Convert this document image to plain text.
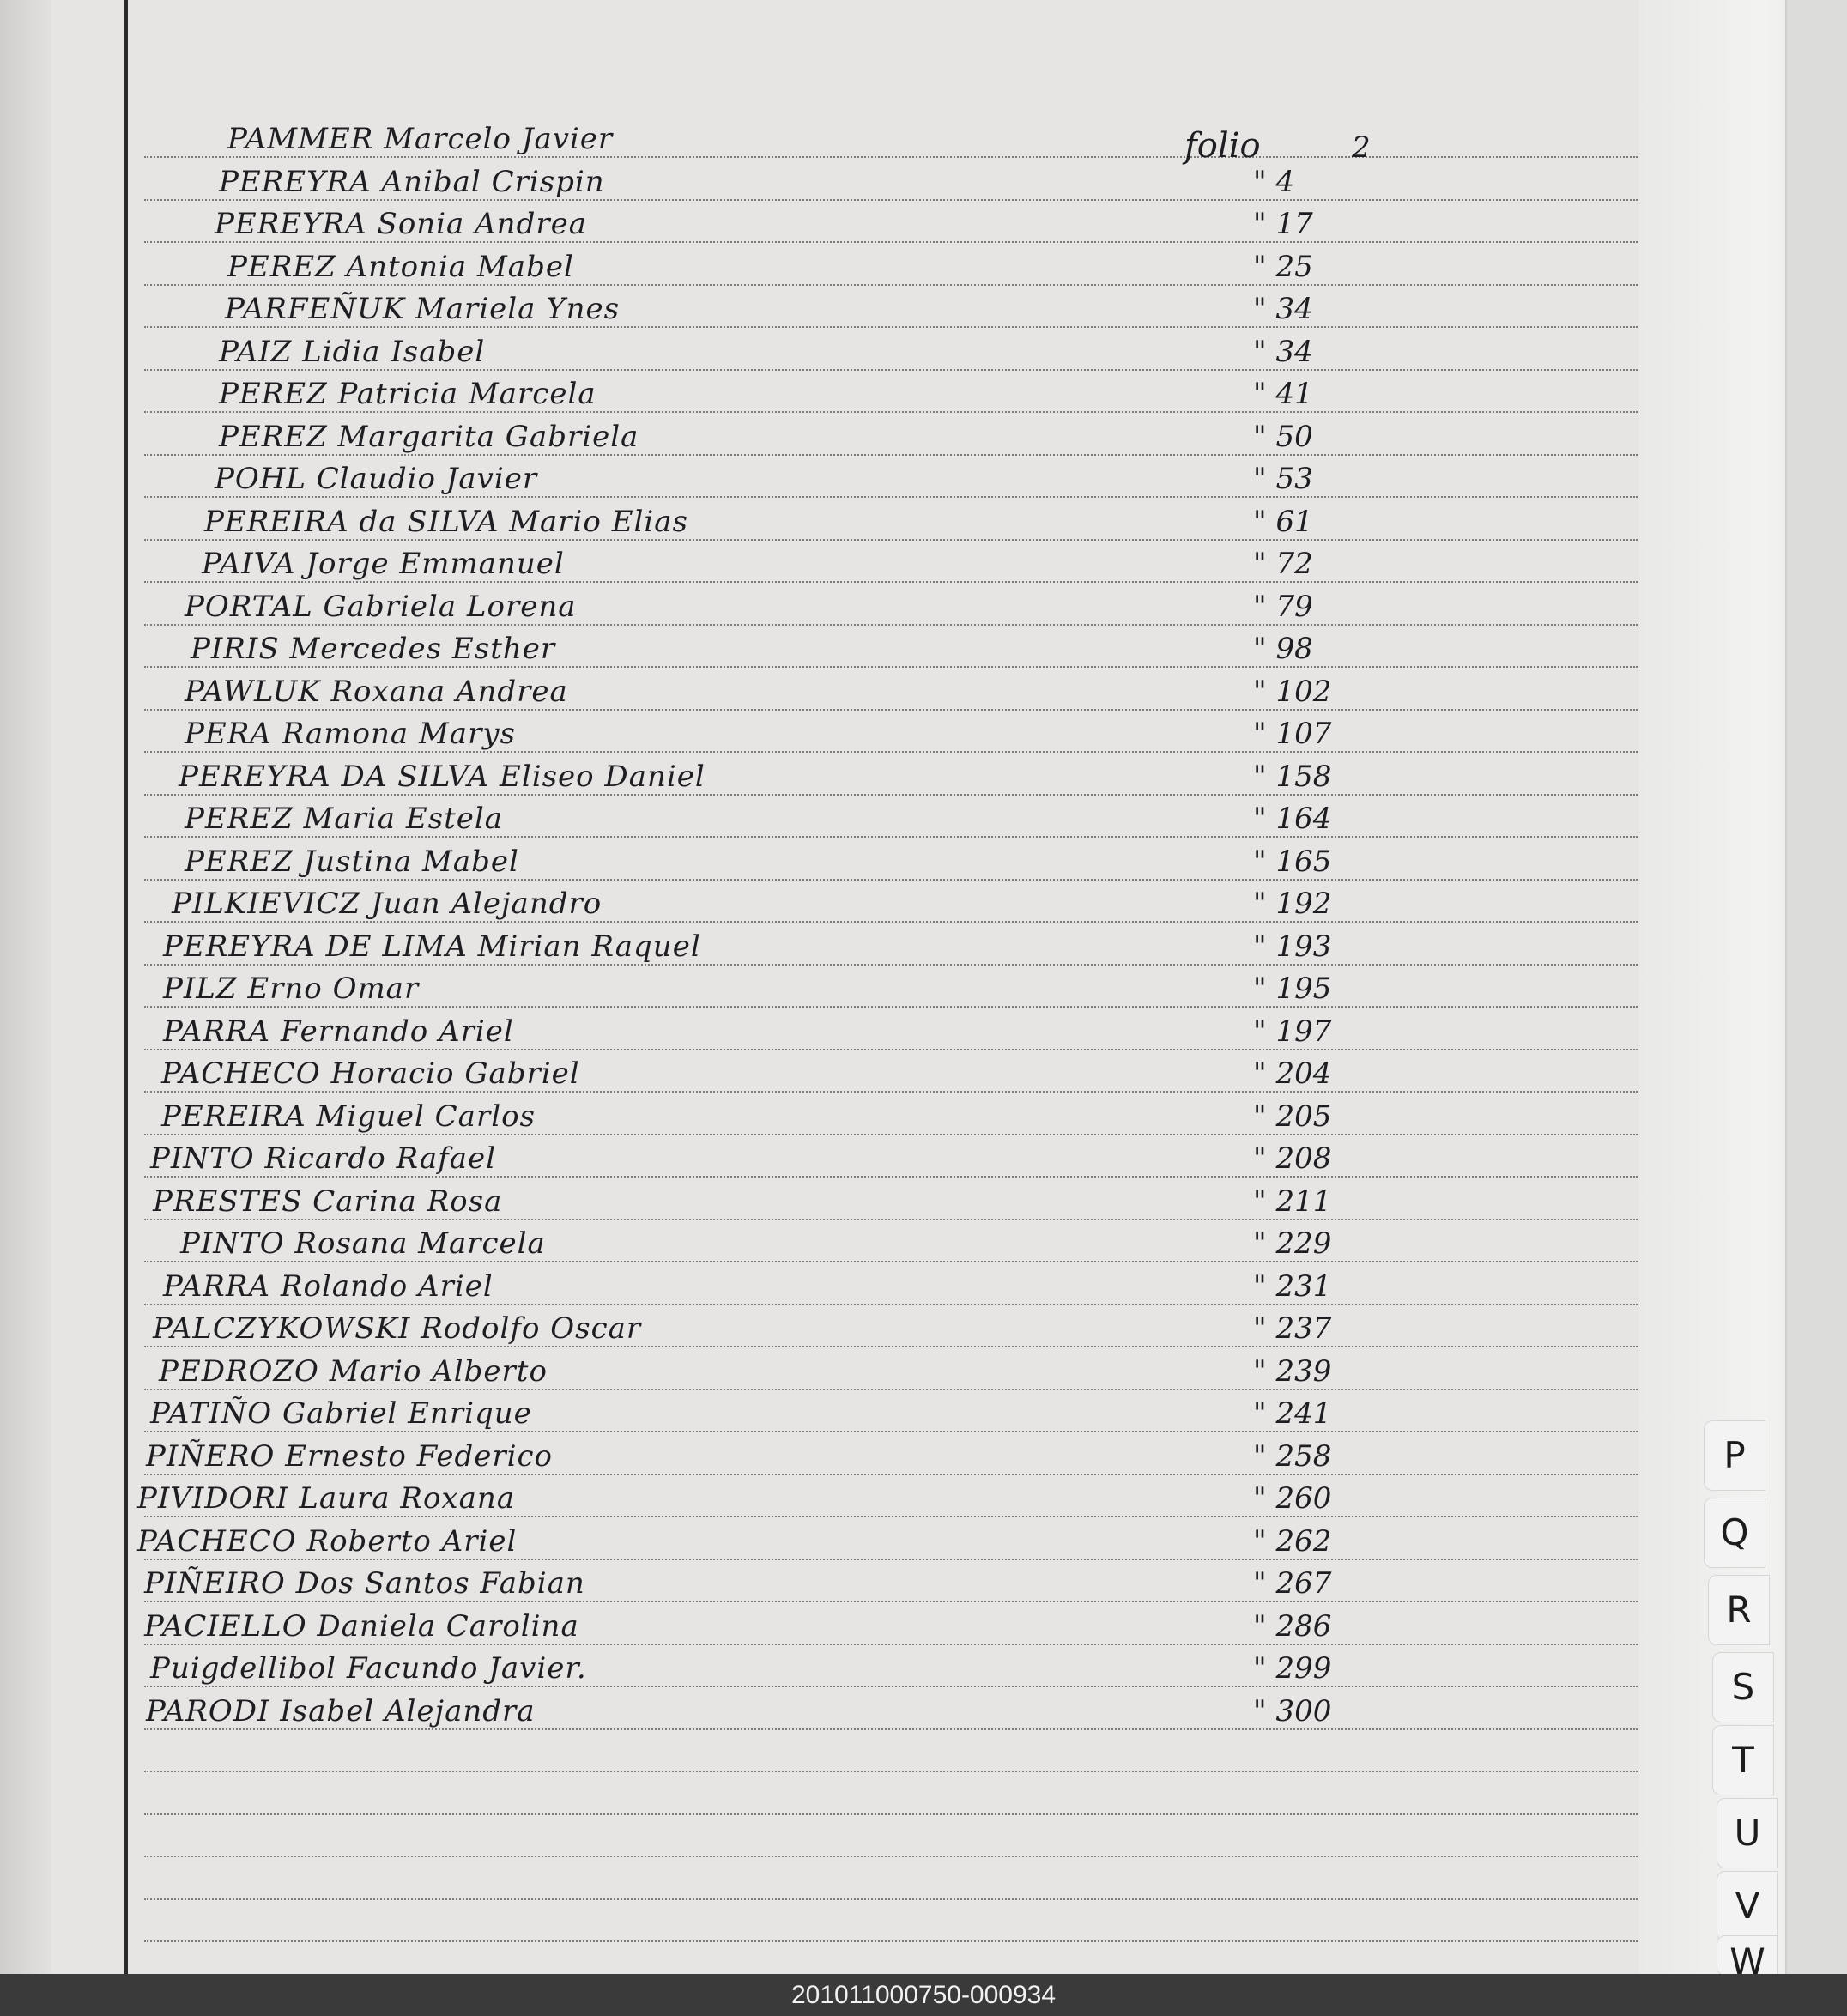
PAMMER Marcelo Javier
PEREYRA Anibal Crispin	" 4
PEREYRA Sonia Andrea	" 17
PEREZ Antonia Mabel	" 25
PARFEÑUK Mariela Ynes	" 34
PAIZ Lidia Isabel	" 34
PEREZ Patricia Marcela	" 41
PEREZ Margarita Gabriela	" 50
POHL Claudio Javier	" 53
PEREIRA da SILVA Mario Elias	" 61
PAIVA Jorge Emmanuel	" 72
PORTAL Gabriela Lorena	" 79
PIRIS Mercedes Esther	" 98
PAWLUK Roxana Andrea	" 102
PERA Ramona Marys	" 107
PEREYRA DA SILVA Eliseo Daniel	" 158
PEREZ Maria Estela	" 164
PEREZ Justina Mabel	" 165
PILKIEVICZ Juan Alejandro	" 192
PEREYRA DE LIMA Mirian Raquel	" 193
PILZ Erno Omar	" 195
PARRA Fernando Ariel	" 197
PACHECO Horacio Gabriel	" 204
PEREIRA Miguel Carlos	" 205
PINTO Ricardo Rafael	" 208
PRESTES Carina Rosa	" 211
PINTO Rosana Marcela	" 229
PARRA Rolando Ariel	" 231
PALCZYKOWSKI Rodolfo Oscar	" 237
PEDROZO Mario Alberto	" 239
PATIÑO Gabriel Enrique	" 241
PIÑERO Ernesto Federico	" 258
PIVIDORI Laura Roxana	" 260
PACHECO Roberto Ariel	" 262
PIÑEIRO Dos Santos Fabian	" 267
PACIELLO Daniela Carolina	" 286
Puigdellibol Facundo Javier.	" 299
PARODI Isabel Alejandra	" 300
2
folio
P
Q
R
S
T
U
V
W
201011000750-000934
